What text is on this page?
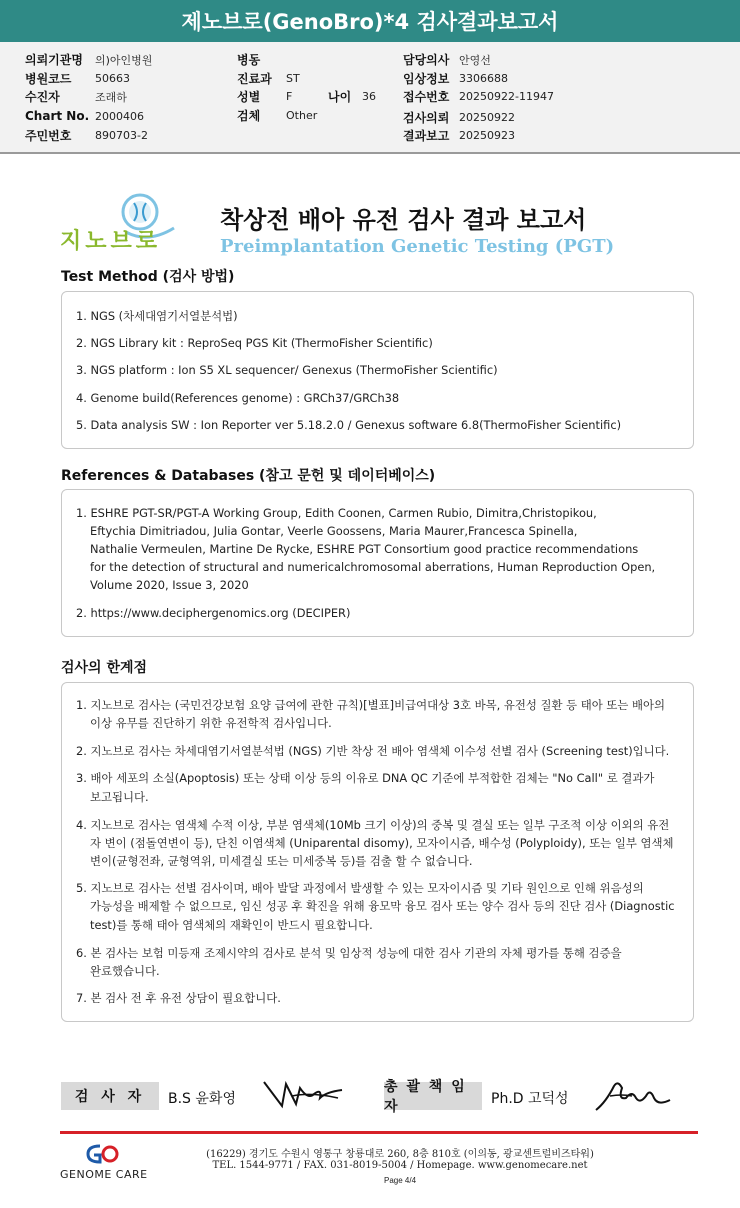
제노브로(GenoBro)*4 검사결과보고서
의뢰기관명	의)아인병원
병원코드	50663
수진자	조래하
Chart No. 2000406
주민번호	890703-2
병동
진료과	ST
성별	F	나이 36
검체	Other
담당의사 안영선
임상정보 3306688
접수번호 20250922-11947
검사의뢰 20250922
결과보고 20250923
지노브로
착상전 배아 유전 검사 결과 보고서
Preimplantation Genetic Testing (PGT)
Test Method (검사 방법)
1. NGS (차세대염기서열분석법)
2. NGS Library kit : ReproSeq PGS Kit (ThermoFisher Scientific)
3. NGS platform : Ion S5 XL sequencer/ Genexus (ThermoFisher Scientific)
4. Genome build(References genome) : GRCh37/GRCh38
5. Data analysis SW : Ion Reporter ver 5.18.2.0 / Genexus software 6.8(ThermoFisher Scientific)
References & Databases (참고 문헌 및 데이터베이스)
1. ESHRE PGT-SR/PGT-A Working Group, Edith Coonen, Carmen Rubio, Dimitra,Christopikou,
Eftychia Dimitriadou, Julia Gontar, Veerle Goossens, Maria Maurer,Francesca Spinella,
Nathalie Vermeulen, Martine De Rycke, ESHRE PGT Consortium good practice recommendations
for the detection of structural and numericalchromosomal aberrations, Human Reproduction Open,
Volume 2020, Issue 3, 2020
2. https://www.deciphergenomics.org (DECIPER)
검사의 한계점
1. 지노브로 검사는 (국민건강보험 요양 급여에 관한 규칙)[별표]비급여대상 3호 바목, 유전성 질환 등 태아 또는 배아의
이상 유무를 진단하기 위한 유전학적 검사입니다.
2. 지노브로 검사는 차세대염기서열분석법 (NGS) 기반 착상 전 배아 염색체 이수성 선별 검사 (Screening test)입니다.
3. 배아 세포의 소실(Apoptosis) 또는 상태 이상 등의 이유로 DNA QC 기준에 부적합한 검체는 "No Call" 로 결과가
보고됩니다.
4. 지노브로 검사는 염색체 수적 이상, 부분 염색체(10Mb 크기 이상)의 중복 및 결실 또는 일부 구조적 이상 이외의 유전
자 변이 (점돌연변이 등), 단친 이염색체 (Uniparental disomy), 모자이시즘, 배수성 (Polyploidy), 또는 일부 염색체
변이(균형전좌, 균형역위, 미세결실 또는 미세중복 등)를 검출 할 수 없습니다.
5. 지노브로 검사는 선별 검사이며, 배아 발달 과정에서 발생할 수 있는 모자이시즘 및 기타 원인으로 인해 위음성의
가능성을 배제할 수 없으므로, 임신 성공 후 확진을 위해 융모막 융모 검사 또는 양수 검사 등의 진단 검사 (Diagnostic
test)를 통해 태아 염색체의 재확인이 반드시 필요합니다.
6. 본 검사는 보험 미등재 조제시약의 검사로 분석 및 임상적 성능에 대한 검사 기관의 자체 평가를 통해 검증을
완료했습니다.
7. 본 검사 전 후 유전 상담이 필요합니다.
검 사 자	B.S 윤화영
총 괄 책 임 자	Ph.D 고덕성
GENOME CARE
(16229) 경기도 수원시 영통구 창룡대로 260, 8층 810호 (이의동, 광교센트럴비즈타워)
TEL. 1544-9771 / FAX. 031-8019-5004 / Homepage. www.genomecare.net
Page 4/4
